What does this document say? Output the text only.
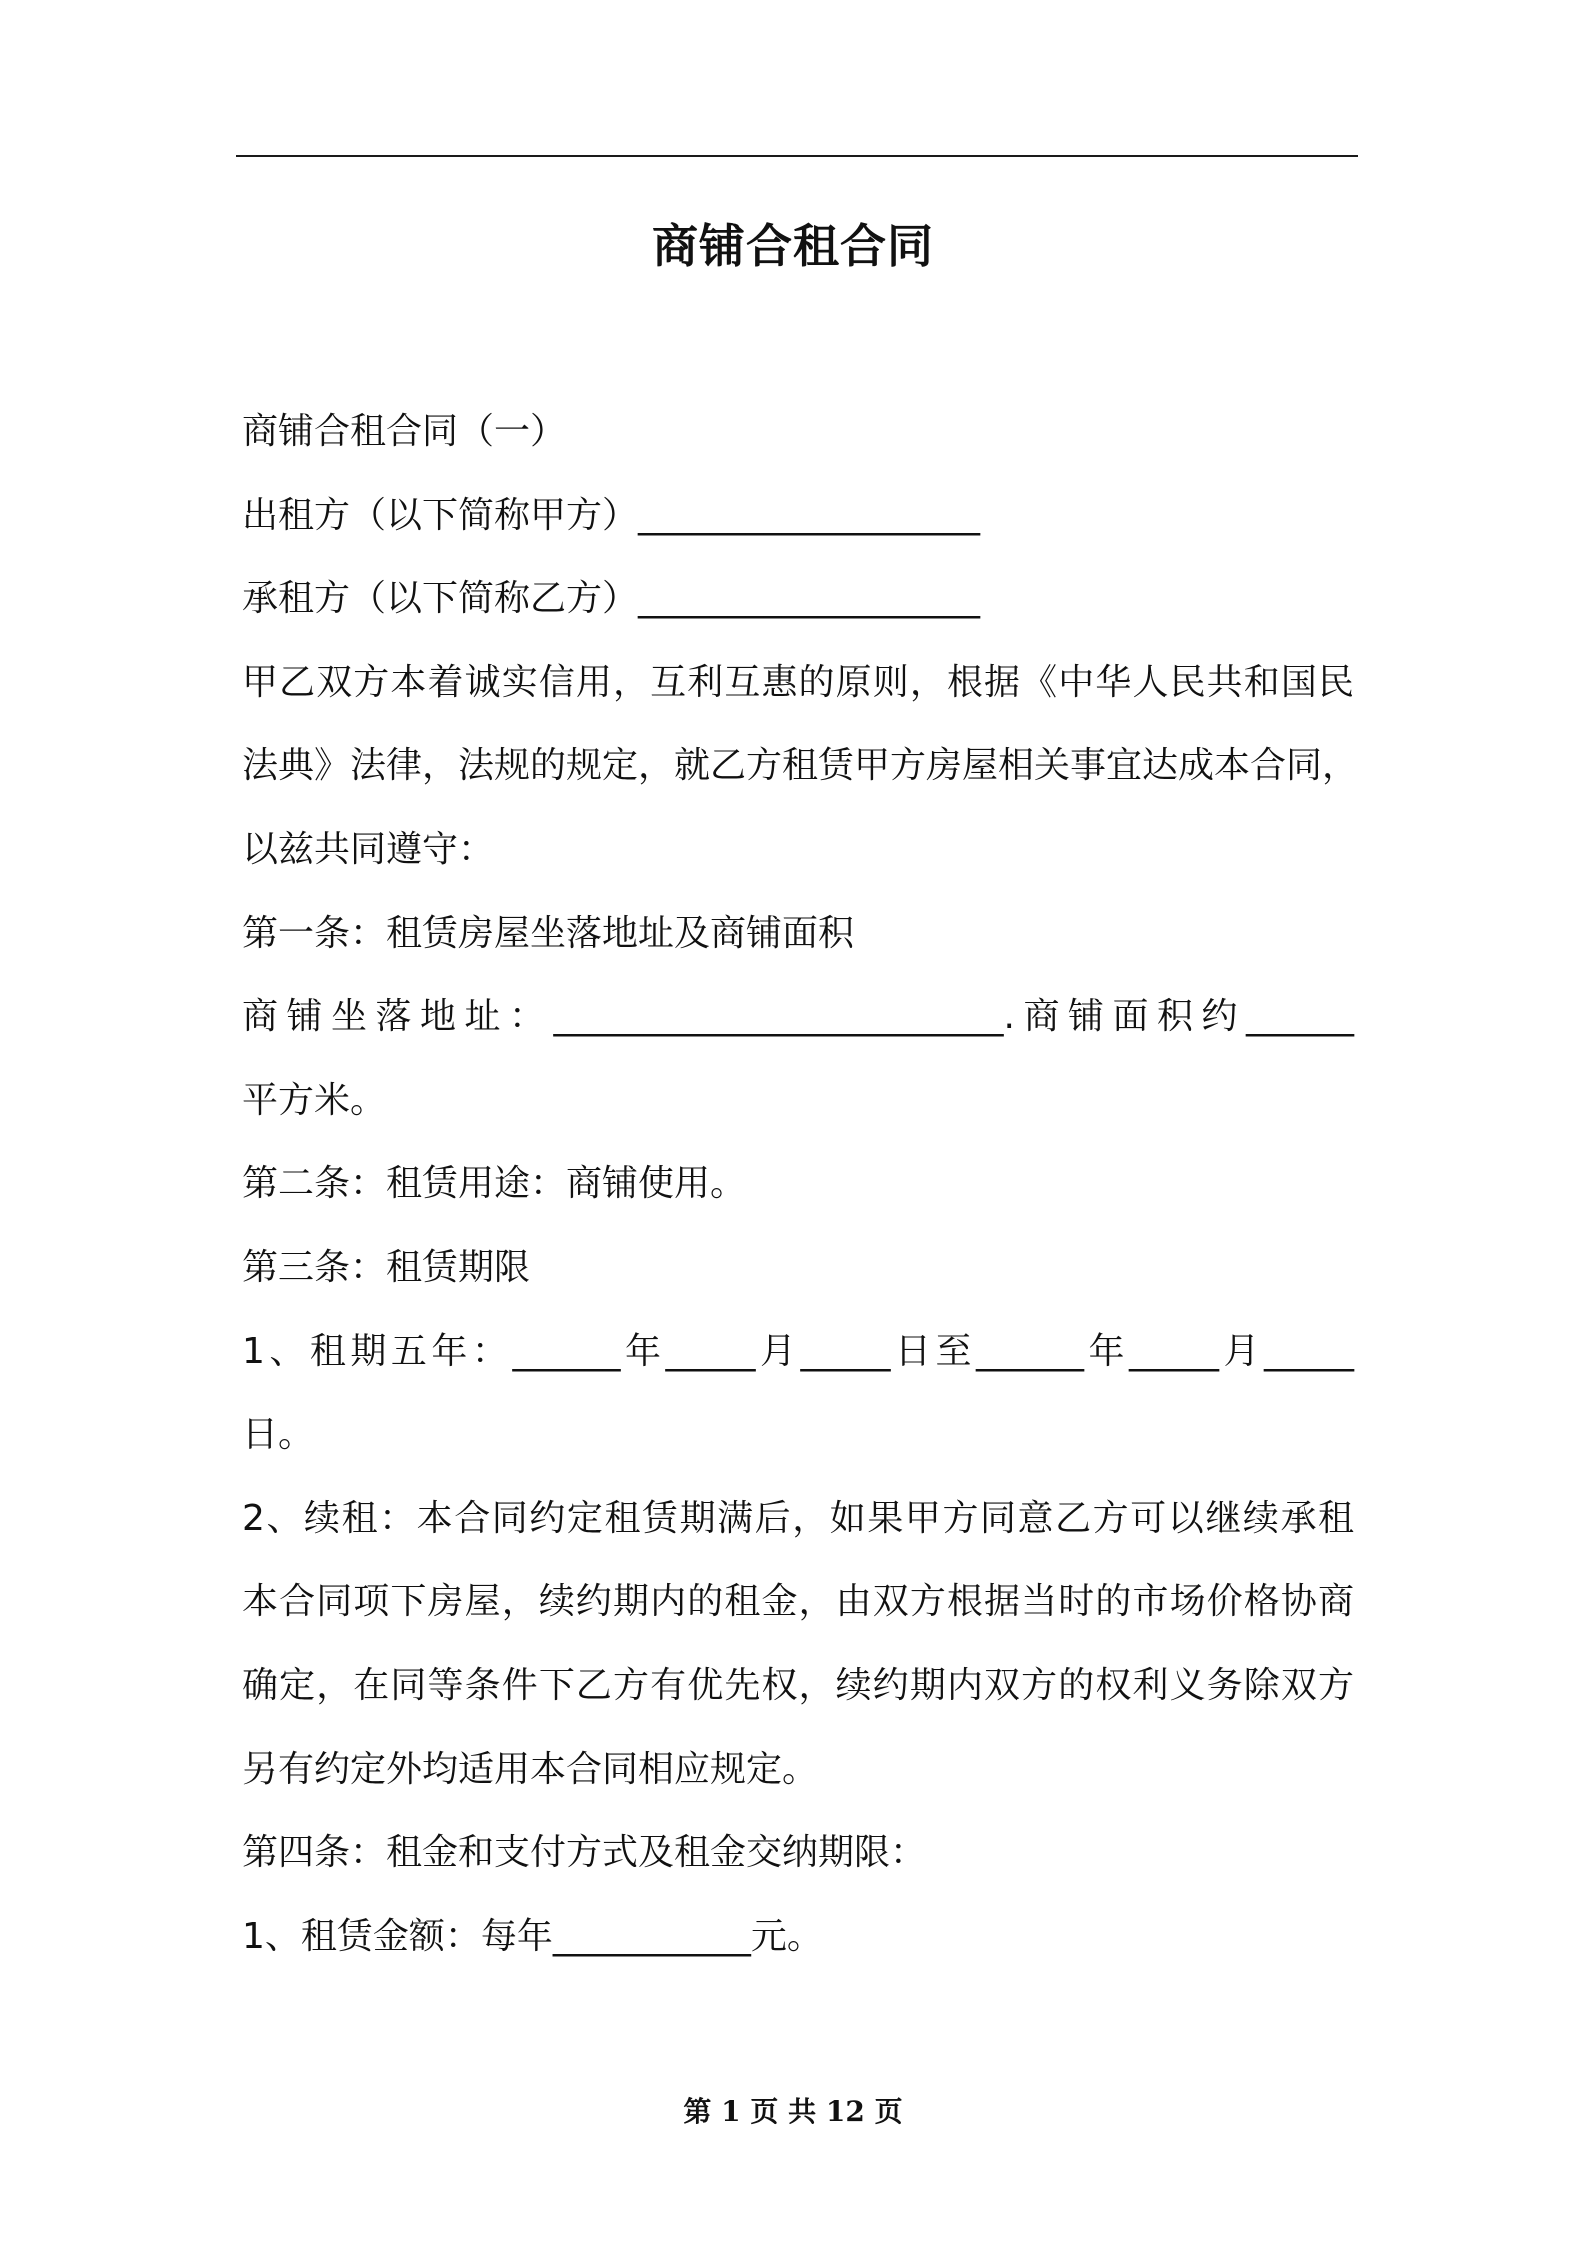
商铺合租合同
商铺合租合同（一）
出租方（以下简称甲方）___________________
承租方（以下简称乙方）___________________
甲乙双方本着诚实信用，互利互惠的原则，根据《中华人民共和国民
法典》法律，法规的规定，就乙方租赁甲方房屋相关事宜达成本合同，
以兹共同遵守：
第一条：租赁房屋坐落地址及商铺面积
商铺坐落地址：_________________________.商铺面积约______
平方米。
第二条：租赁用途：商铺使用。
第三条：租赁期限
1、租期五年：______年_____月_____日至______年_____月_____
日。
2、续租：本合同约定租赁期满后，如果甲方同意乙方可以继续承租
本合同项下房屋，续约期内的租金，由双方根据当时的市场价格协商
确定，在同等条件下乙方有优先权，续约期内双方的权利义务除双方
另有约定外均适用本合同相应规定。
第四条：租金和支付方式及租金交纳期限：
1、租赁金额：每年___________元。
第 1 页 共 12 页
